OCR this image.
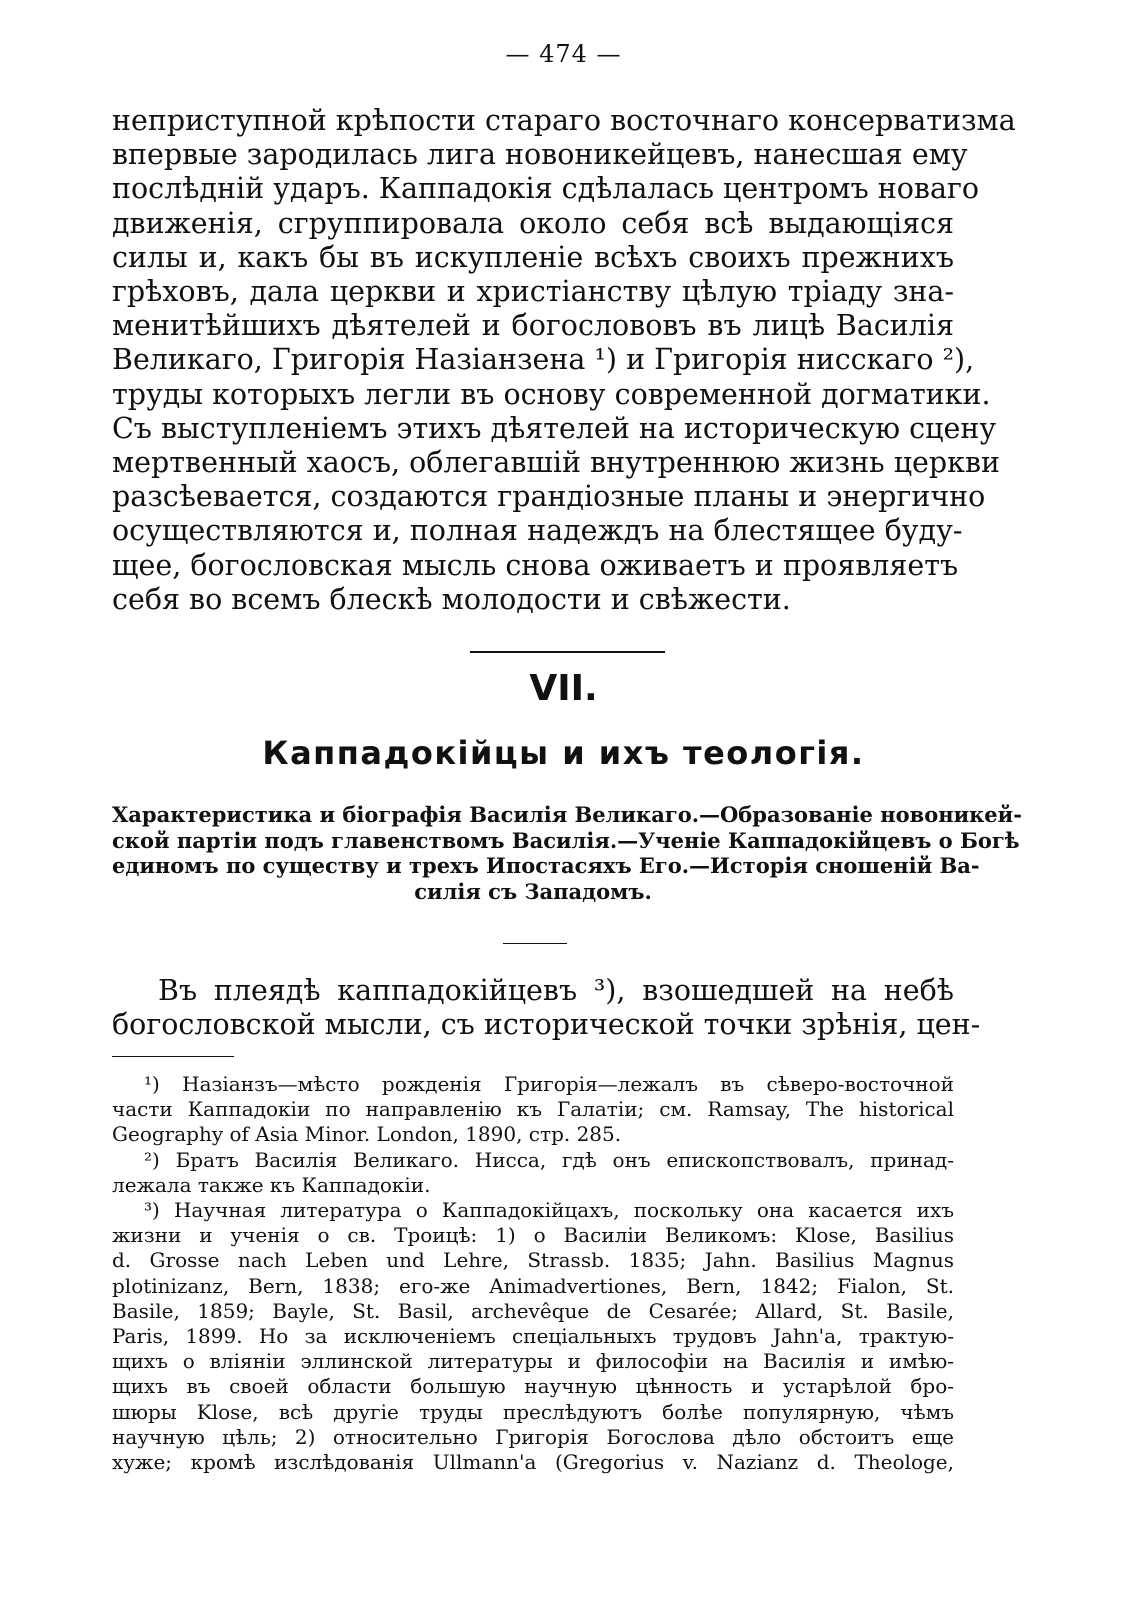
— 474 —
неприступной крѣпости стараго восточнаго консерватизма
впервые зародилась лига новоникейцевъ, нанесшая ему
послѣдній ударъ. Каппадокія сдѣлалась центромъ новаго
движенія, сгруппировала около себя всѣ выдающіяся
силы и, какъ бы въ искупленіе всѣхъ своихъ прежнихъ
грѣховъ, дала церкви и христіанству цѣлую тріаду зна-
менитѣйшихъ дѣятелей и богослововъ въ лицѣ Василія
Великаго, Григорія Назіанзена ¹) и Григорія нисскаго ²),
труды которыхъ легли въ основу современной догматики.
Съ выступленіемъ этихъ дѣятелей на историческую сцену
мертвенный хаосъ, облегавшій внутреннюю жизнь церкви
разсѣевается, создаются грандіозные планы и энергично
осуществляются и, полная надеждъ на блестящее буду-
щее, богословская мысль снова оживаетъ и проявляетъ
себя во всемъ блескѣ молодости и свѣжести.
VII.
Каппадокійцы и ихъ теологія.
Характеристика и біографія Василія Великаго.—Образованіе новоникей-
ской партіи подъ главенствомъ Василія.—Ученіе Каппадокійцевъ о Богѣ
единомъ по существу и трехъ Ипостасяхъ Его.—Исторія сношеній Ва-
силія съ Западомъ.
Въ плеядѣ каппадокійцевъ ³), взошедшей на небѣ
богословской мысли, съ исторической точки зрѣнія, цен-
¹) Назіанзъ—мѣсто рожденія Григорія—лежалъ въ сѣверо-восточной
части Каппадокіи по направленію къ Галатіи; см. Ramsay, The historical
Geography of Asia Minor. London, 1890, стр. 285.
²) Братъ Василія Великаго. Нисса, гдѣ онъ епископствовалъ, принад-
лежала также къ Каппадокіи.
³) Научная литература о Каппадокійцахъ, поскольку она касается ихъ
жизни и ученія о св. Троицѣ: 1) о Василіи Великомъ: Klose, Basilius
d. Grosse nach Leben und Lehre, Strassb. 1835; Jahn. Basilius Magnus
plotinizanz, Bern, 1838; его-же Animadvertiones, Bern, 1842; Fialon, St.
Basile, 1859; Bayle, St. Basil, archevêque de Cesarée; Allard, St. Basile,
Paris, 1899. Но за исключеніемъ спеціальныхъ трудовъ Jahn'а, трактую-
щихъ о вліяніи эллинской литературы и философіи на Василія и имѣю-
щихъ въ своей области большую научную цѣнность и устарѣлой бро-
шюры Klose, всѣ другіе труды преслѣдуютъ болѣе популярную, чѣмъ
научную цѣль; 2) относительно Григорія Богослова дѣло обстоитъ еще
хуже; кромѣ изслѣдованія Ullmann'a (Gregorius v. Nazianz d. Theologe,
